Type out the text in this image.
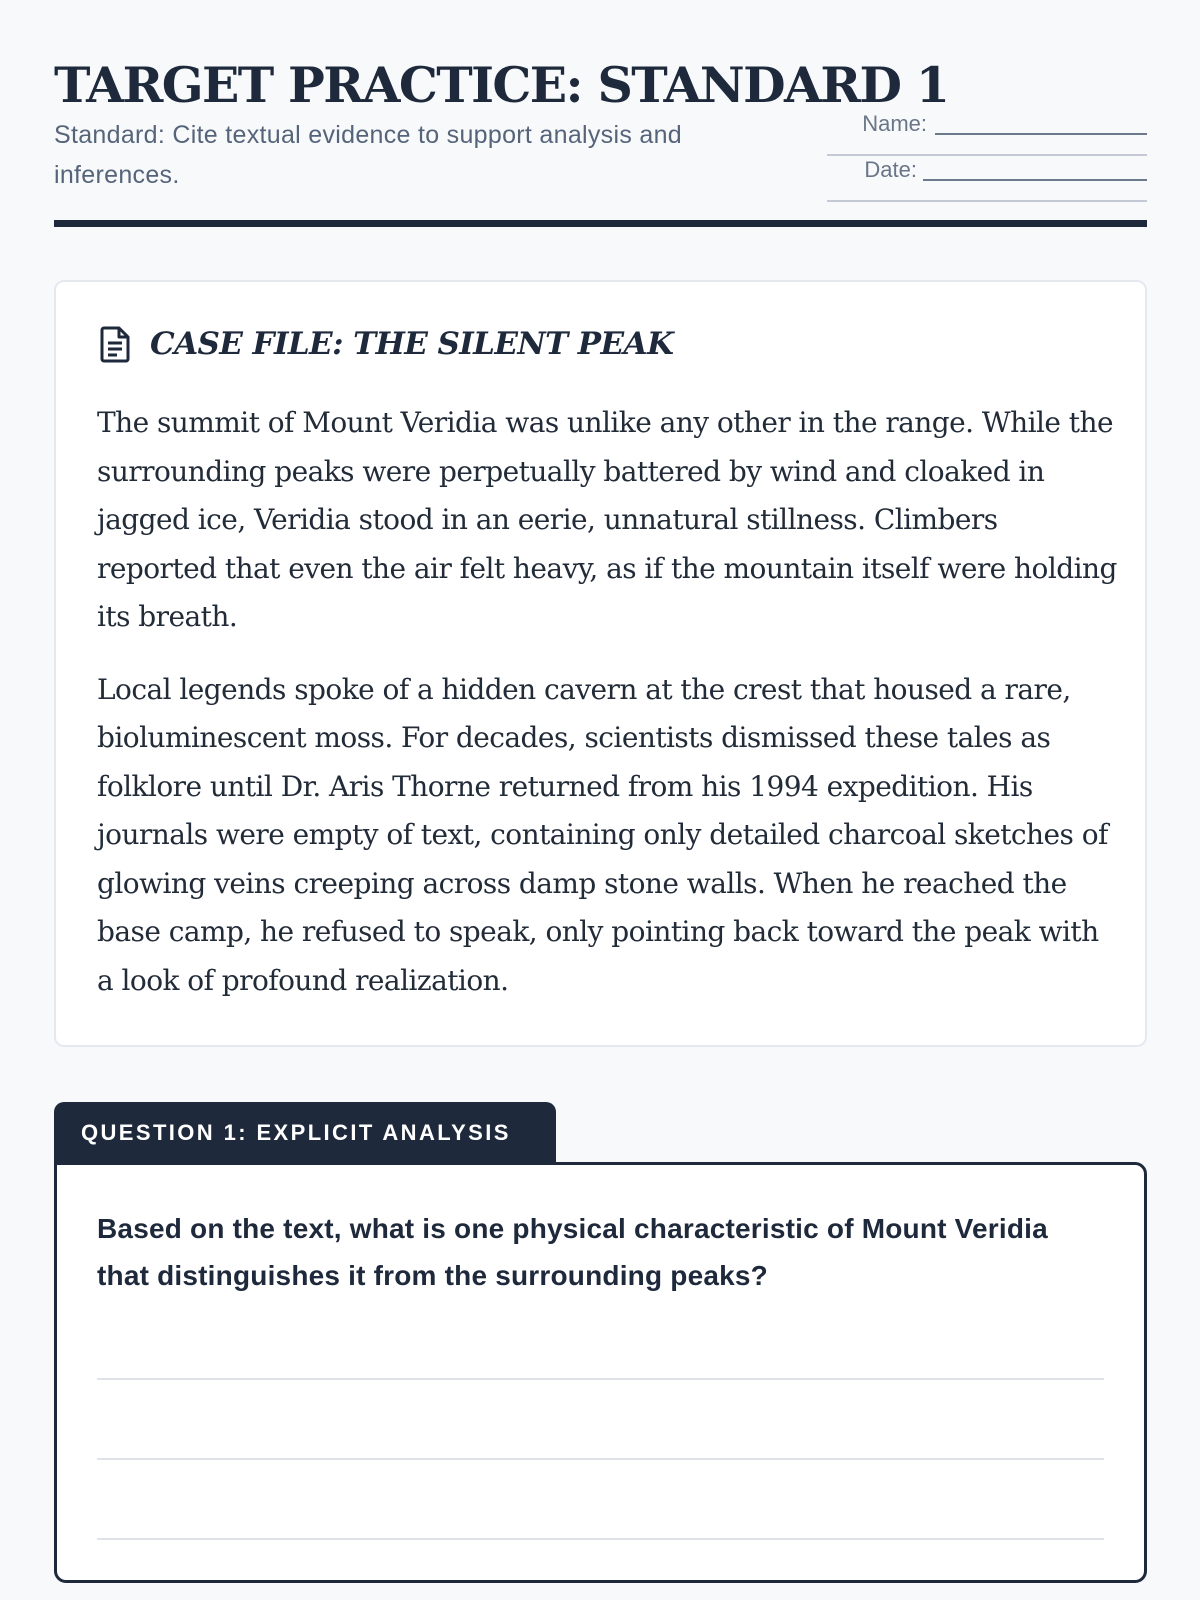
TARGET PRACTICE: STANDARD 1

Standard: Cite textual evidence to support analysis and inferences.

Name:
Date:
CASE FILE: THE SILENT PEAK

The summit of Mount Veridia was unlike any other in the range. While the surrounding peaks were perpetually battered by wind and cloaked in jagged ice, Veridia stood in an eerie, unnatural stillness. Climbers reported that even the air felt heavy, as if the mountain itself were holding its breath.

Local legends spoke of a hidden cavern at the crest that housed a rare, bioluminescent moss. For decades, scientists dismissed these tales as folklore until Dr. Aris Thorne returned from his 1994 expedition. His journals were empty of text, containing only detailed charcoal sketches of glowing veins creeping across damp stone walls. When he reached the base camp, he refused to speak, only pointing back toward the peak with a look of profound realization.

QUESTION 1: EXPLICIT ANALYSIS

Based on the text, what is one physical characteristic of Mount Veridia that distinguishes it from the surrounding peaks?
